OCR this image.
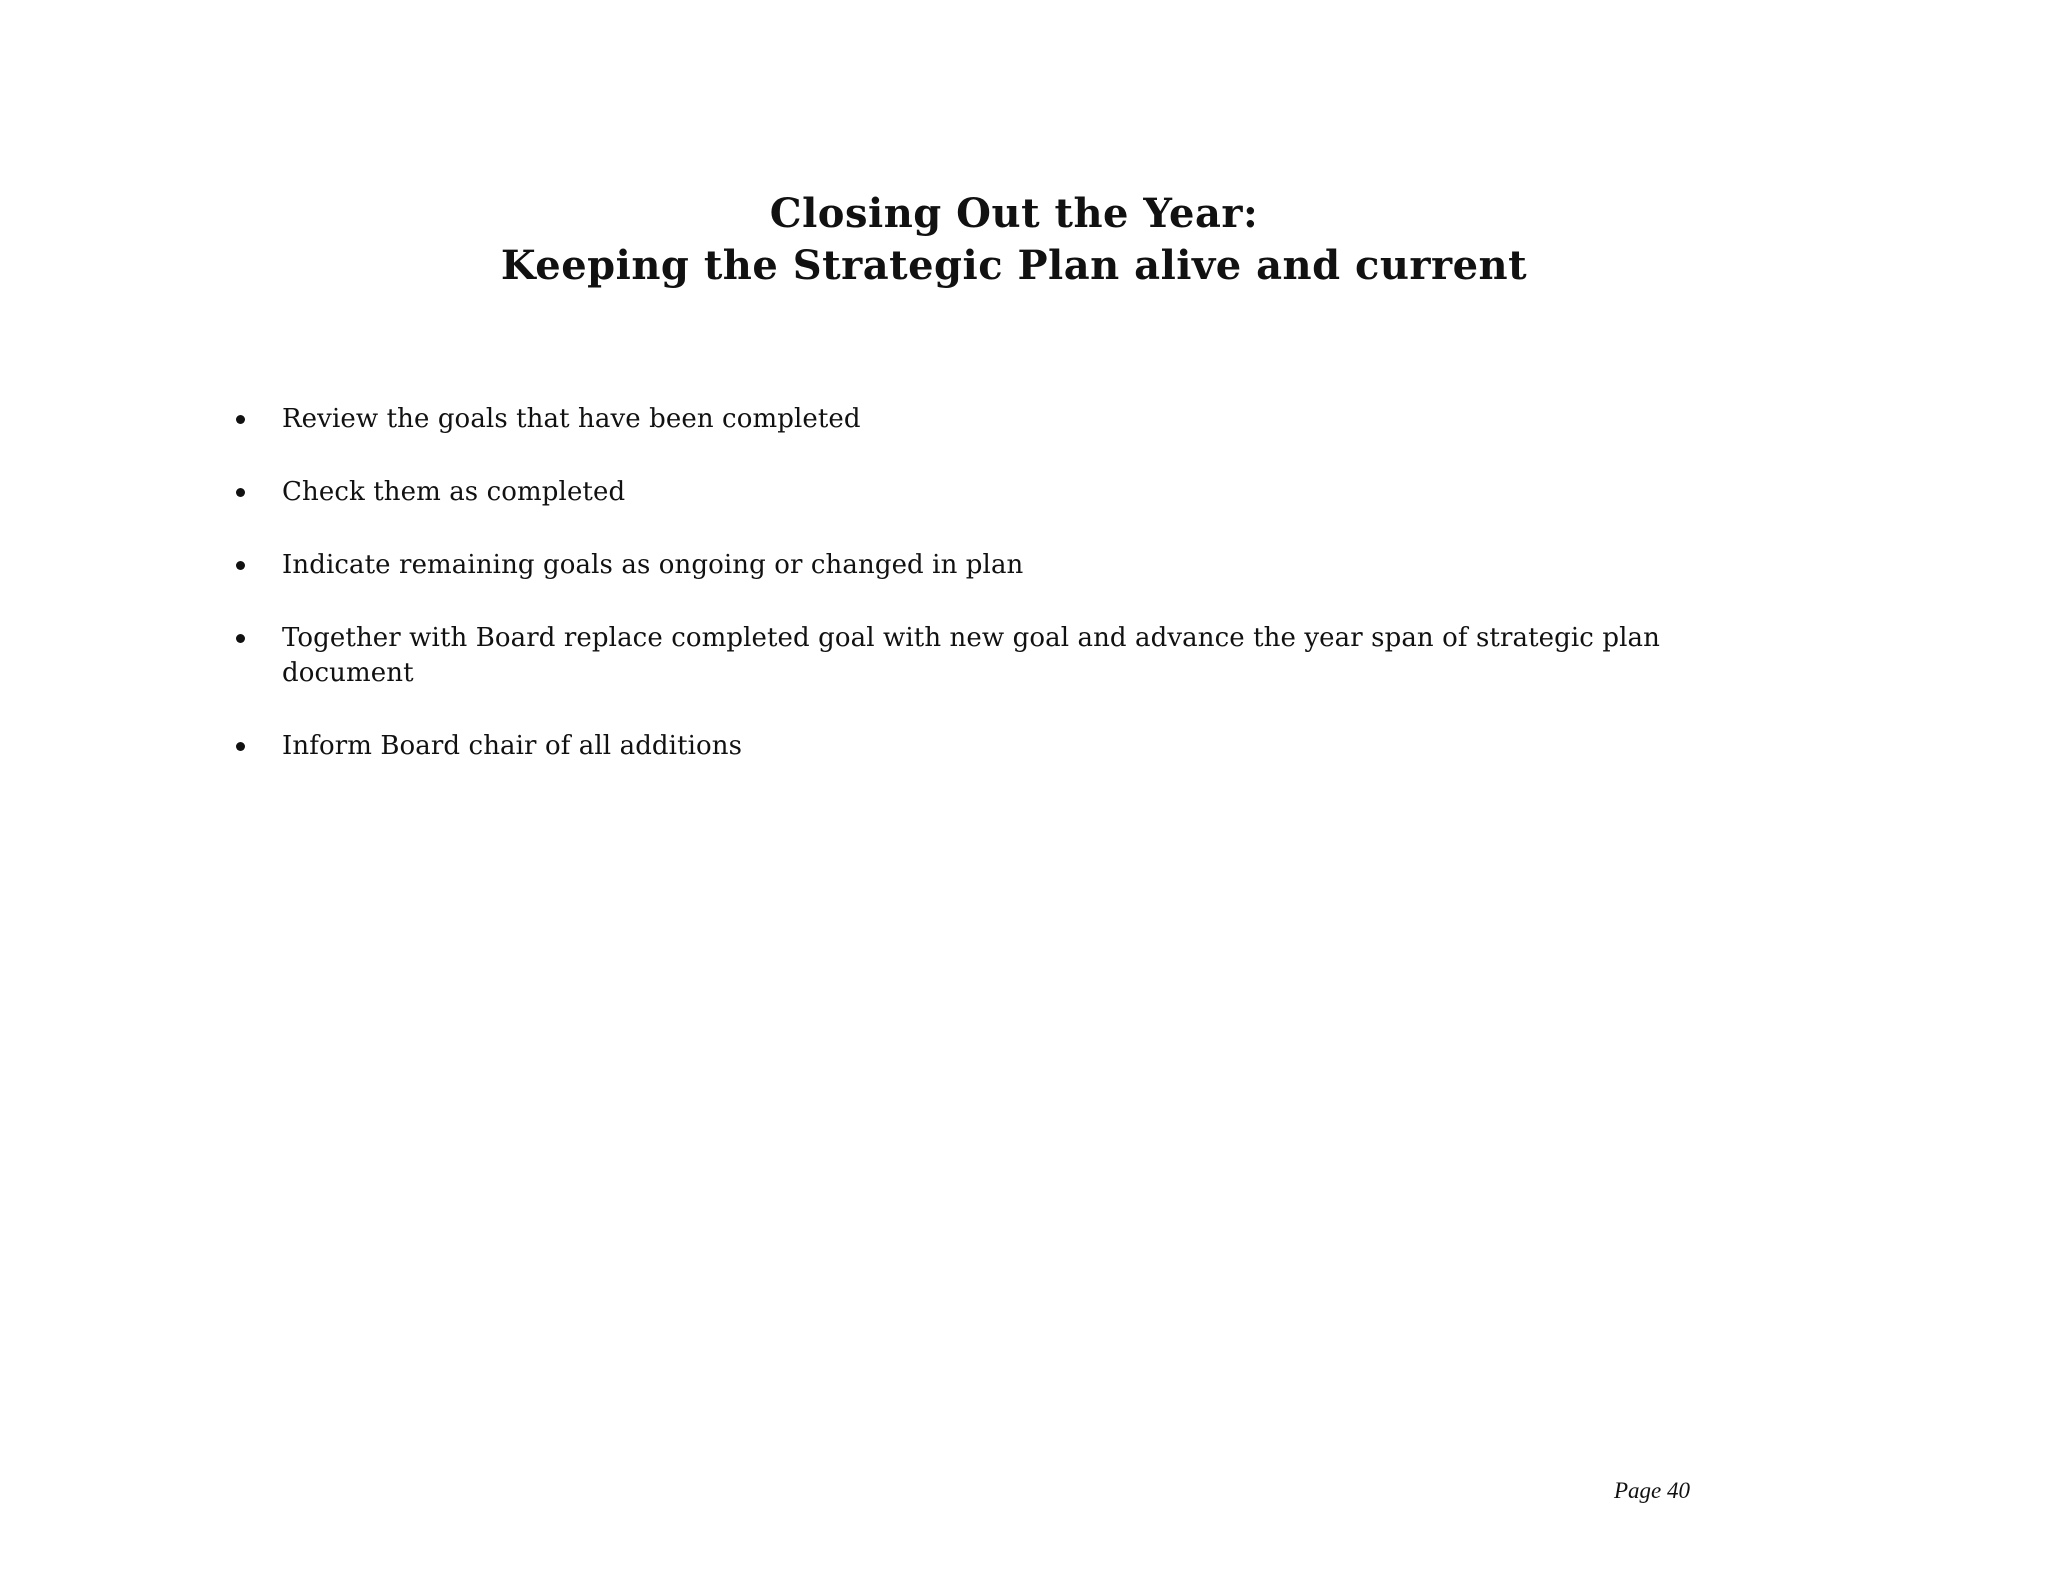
Closing Out the Year:
Keeping the Strategic Plan alive and current
Review the goals that have been completed
Check them as completed
Indicate remaining goals as ongoing or changed in plan
Together with Board replace completed goal with new goal and advance the year span of strategic plan document
Inform Board chair of all additions
Page 40
